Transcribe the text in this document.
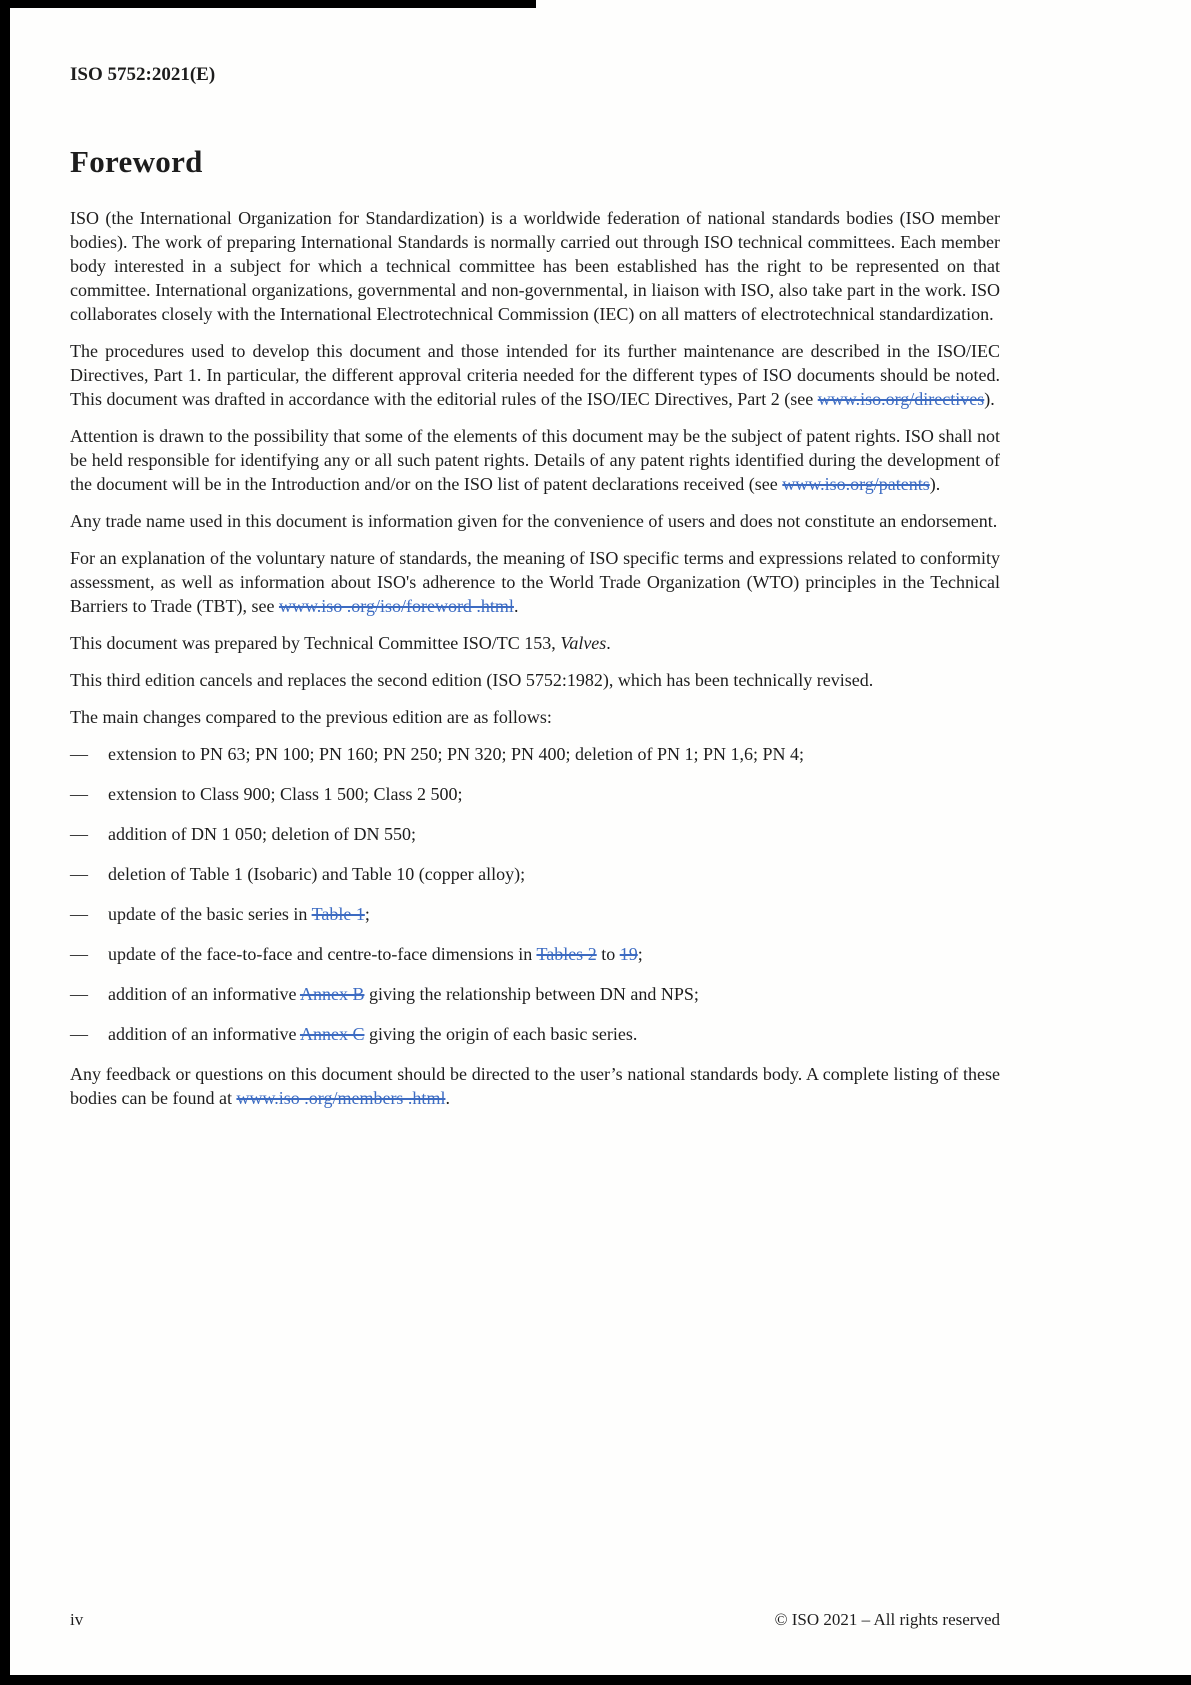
ISO 5752:2021(E)
Foreword
ISO (the International Organization for Standardization) is a worldwide federation of national standards bodies (ISO member bodies). The work of preparing International Standards is normally carried out through ISO technical committees. Each member body interested in a subject for which a technical committee has been established has the right to be represented on that committee. International organizations, governmental and non-governmental, in liaison with ISO, also take part in the work. ISO collaborates closely with the International Electrotechnical Commission (IEC) on all matters of electrotechnical standardization.
The procedures used to develop this document and those intended for its further maintenance are described in the ISO/IEC Directives, Part 1. In particular, the different approval criteria needed for the different types of ISO documents should be noted. This document was drafted in accordance with the editorial rules of the ISO/IEC Directives, Part 2 (see www.iso.org/directives).
Attention is drawn to the possibility that some of the elements of this document may be the subject of patent rights. ISO shall not be held responsible for identifying any or all such patent rights. Details of any patent rights identified during the development of the document will be in the Introduction and/or on the ISO list of patent declarations received (see www.iso.org/patents).
Any trade name used in this document is information given for the convenience of users and does not constitute an endorsement.
For an explanation of the voluntary nature of standards, the meaning of ISO specific terms and expressions related to conformity assessment, as well as information about ISO's adherence to the World Trade Organization (WTO) principles in the Technical Barriers to Trade (TBT), see www.iso .org/iso/foreword .html.
This document was prepared by Technical Committee ISO/TC 153, Valves.
This third edition cancels and replaces the second edition (ISO 5752:1982), which has been technically revised.
The main changes compared to the previous edition are as follows:
—	extension to PN 63; PN 100; PN 160; PN 250; PN 320; PN 400; deletion of PN 1; PN 1,6; PN 4;
—	extension to Class 900; Class 1 500; Class 2 500;
—	addition of DN 1 050; deletion of DN 550;
—	deletion of Table 1 (Isobaric) and Table 10 (copper alloy);
—	update of the basic series in Table 1;
—	update of the face-to-face and centre-to-face dimensions in Tables 2 to 19;
—	addition of an informative Annex B giving the relationship between DN and NPS;
—	addition of an informative Annex C giving the origin of each basic series.
Any feedback or questions on this document should be directed to the user’s national standards body. A complete listing of these bodies can be found at www.iso .org/members .html.
iv	© ISO 2021 – All rights reserved
